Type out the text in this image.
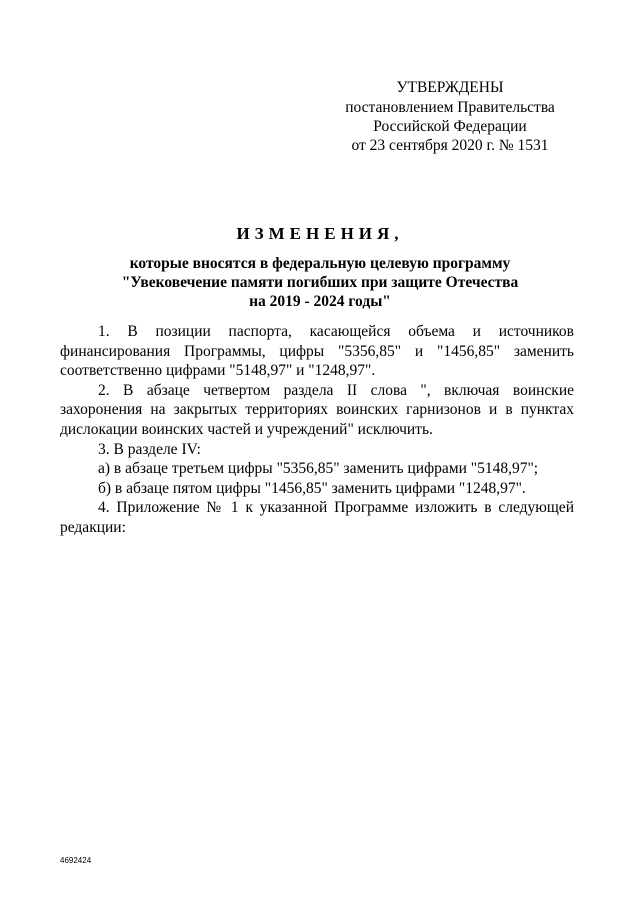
УТВЕРЖДЕНЫ
постановлением Правительства
Российской Федерации
от 23 сентября 2020 г. № 1531
ИЗМЕНЕНИЯ,
которые вносятся в федеральную целевую программу
"Увековечение памяти погибших при защите Отечества
на 2019 - 2024 годы"

1. В позиции паспорта, касающейся объема и источников финансирования Программы, цифры "5356,85" и "1456,85" заменить соответственно цифрами "5148,97" и "1248,97".

2. В абзаце четвертом раздела II слова ", включая воинские захоронения на закрытых территориях воинских гарнизонов и в пунктах дислокации воинских частей и учреждений" исключить.

3. В разделе IV:

а) в абзаце третьем цифры "5356,85" заменить цифрами "5148,97";

б) в абзаце пятом цифры "1456,85" заменить цифрами "1248,97".

4. Приложение № 1 к указанной Программе изложить в следующей редакции:

4692424
